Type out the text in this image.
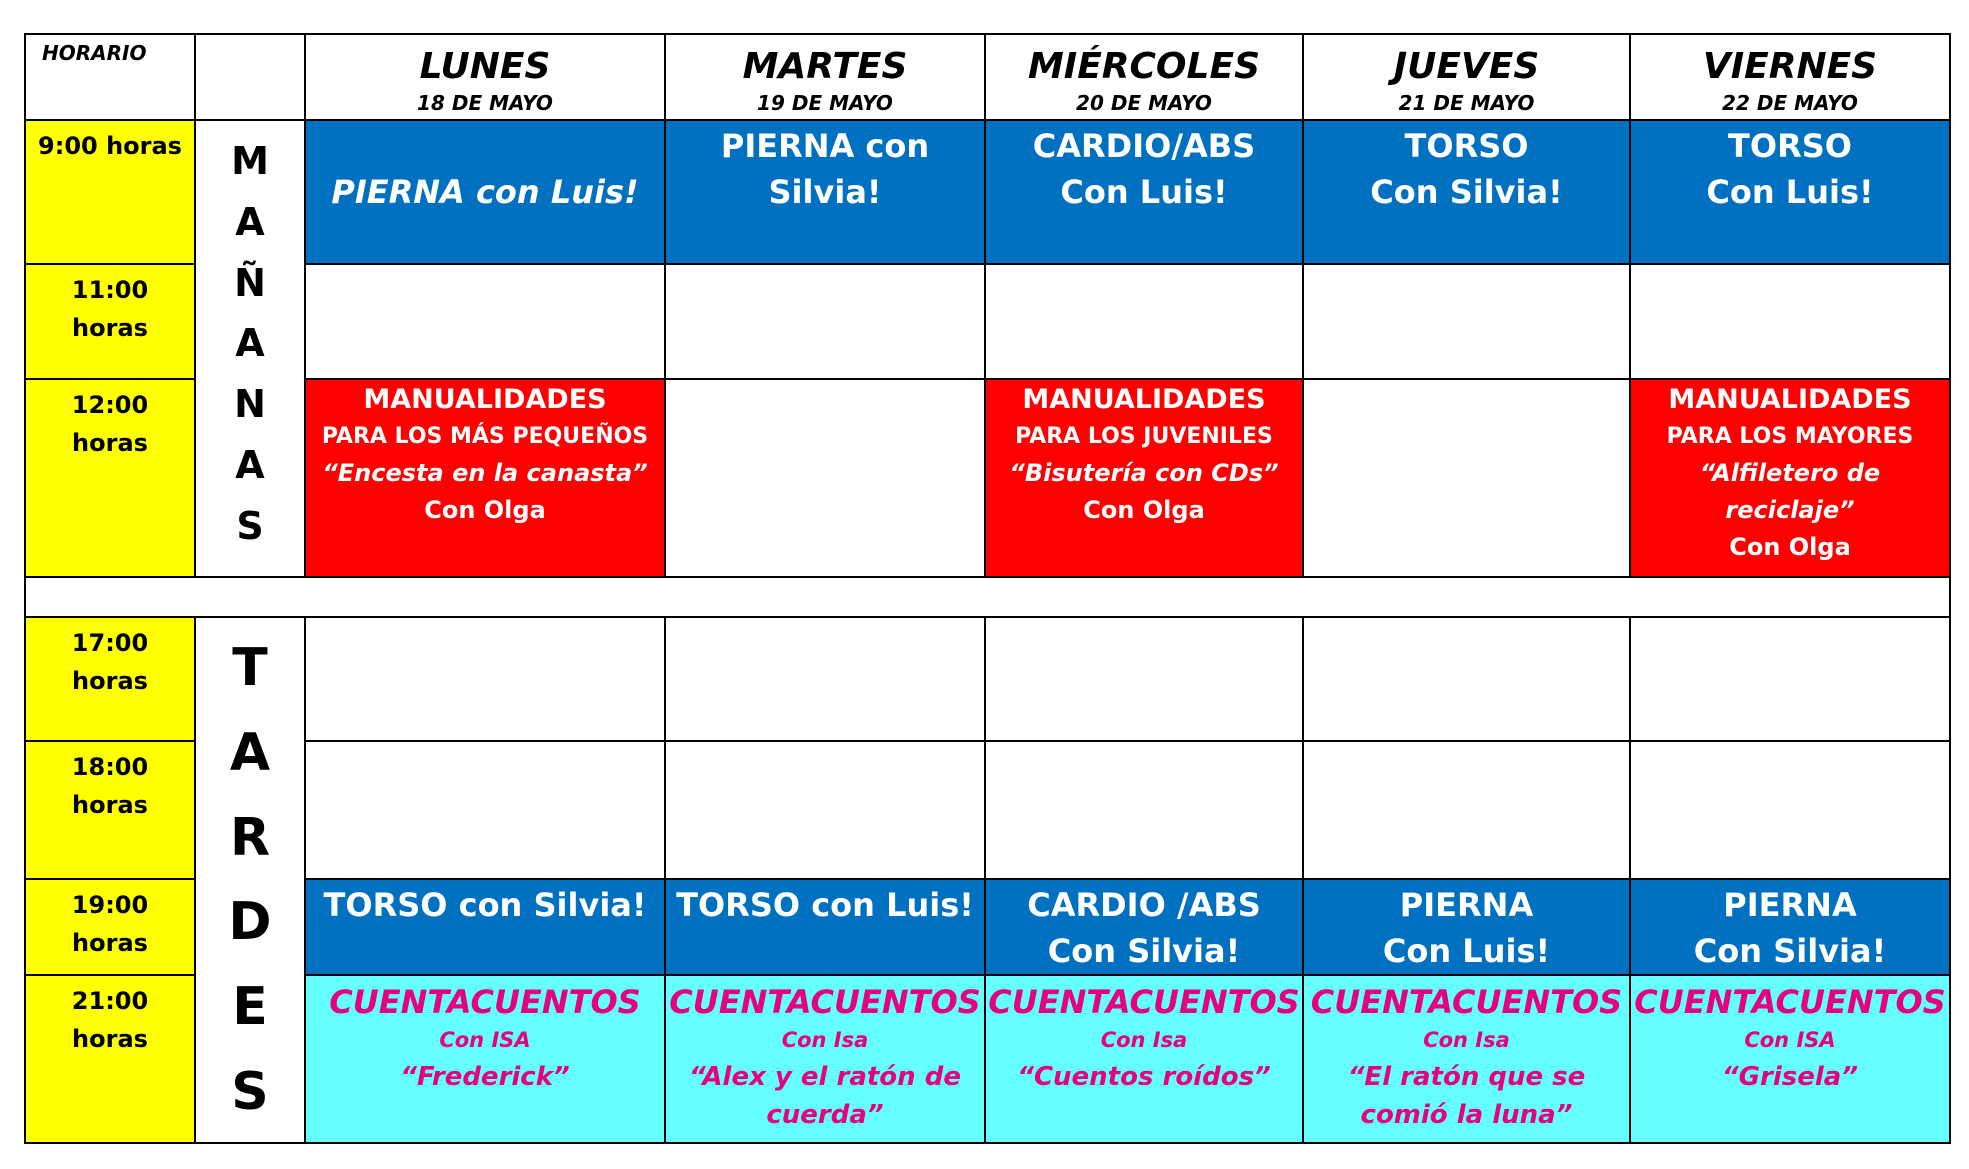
HORARIO	LUNES
18 DE MAYO
MARTES
19 DE MAYO
MIÉRCOLES
20 DE MAYO
JUEVES
21 DE MAYO
VIERNES
22 DE MAYO
9:00 horas
11:00
horas
12:00
horas
M
A
Ñ
A
N
A
S
PIERNA con Luis!
PIERNA con
Silvia!
CARDIO/ABS
Con Luis!
TORSO
Con Silvia!
TORSO
Con Luis!
MANUALIDADES
PARA LOS MÁS PEQUEÑOS
“Encesta en la canasta”
Con Olga
MANUALIDADES
PARA LOS JUVENILES
“Bisutería con CDs”
Con Olga
MANUALIDADES
PARA LOS MAYORES
“Alfiletero de
reciclaje”
Con Olga
17:00
horas
18:00
horas
19:00
horas
21:00
horas
T
A
R
D
E
S
TORSO con Silvia! TORSO con Luis! CARDIO /ABS
Con Silvia!
PIERNA
Con Luis!
PIERNA
Con Silvia!
CUENTACUENTOS
Con ISA
“Frederick”
CUENTACUENTOS
Con Isa
“Alex y el ratón de
cuerda”
CUENTACUENTOS
Con Isa
“Cuentos roídos”
CUENTACUENTOS
Con Isa
“El ratón que se
comió la luna”
CUENTACUENTOS
Con ISA
“Grisela”
